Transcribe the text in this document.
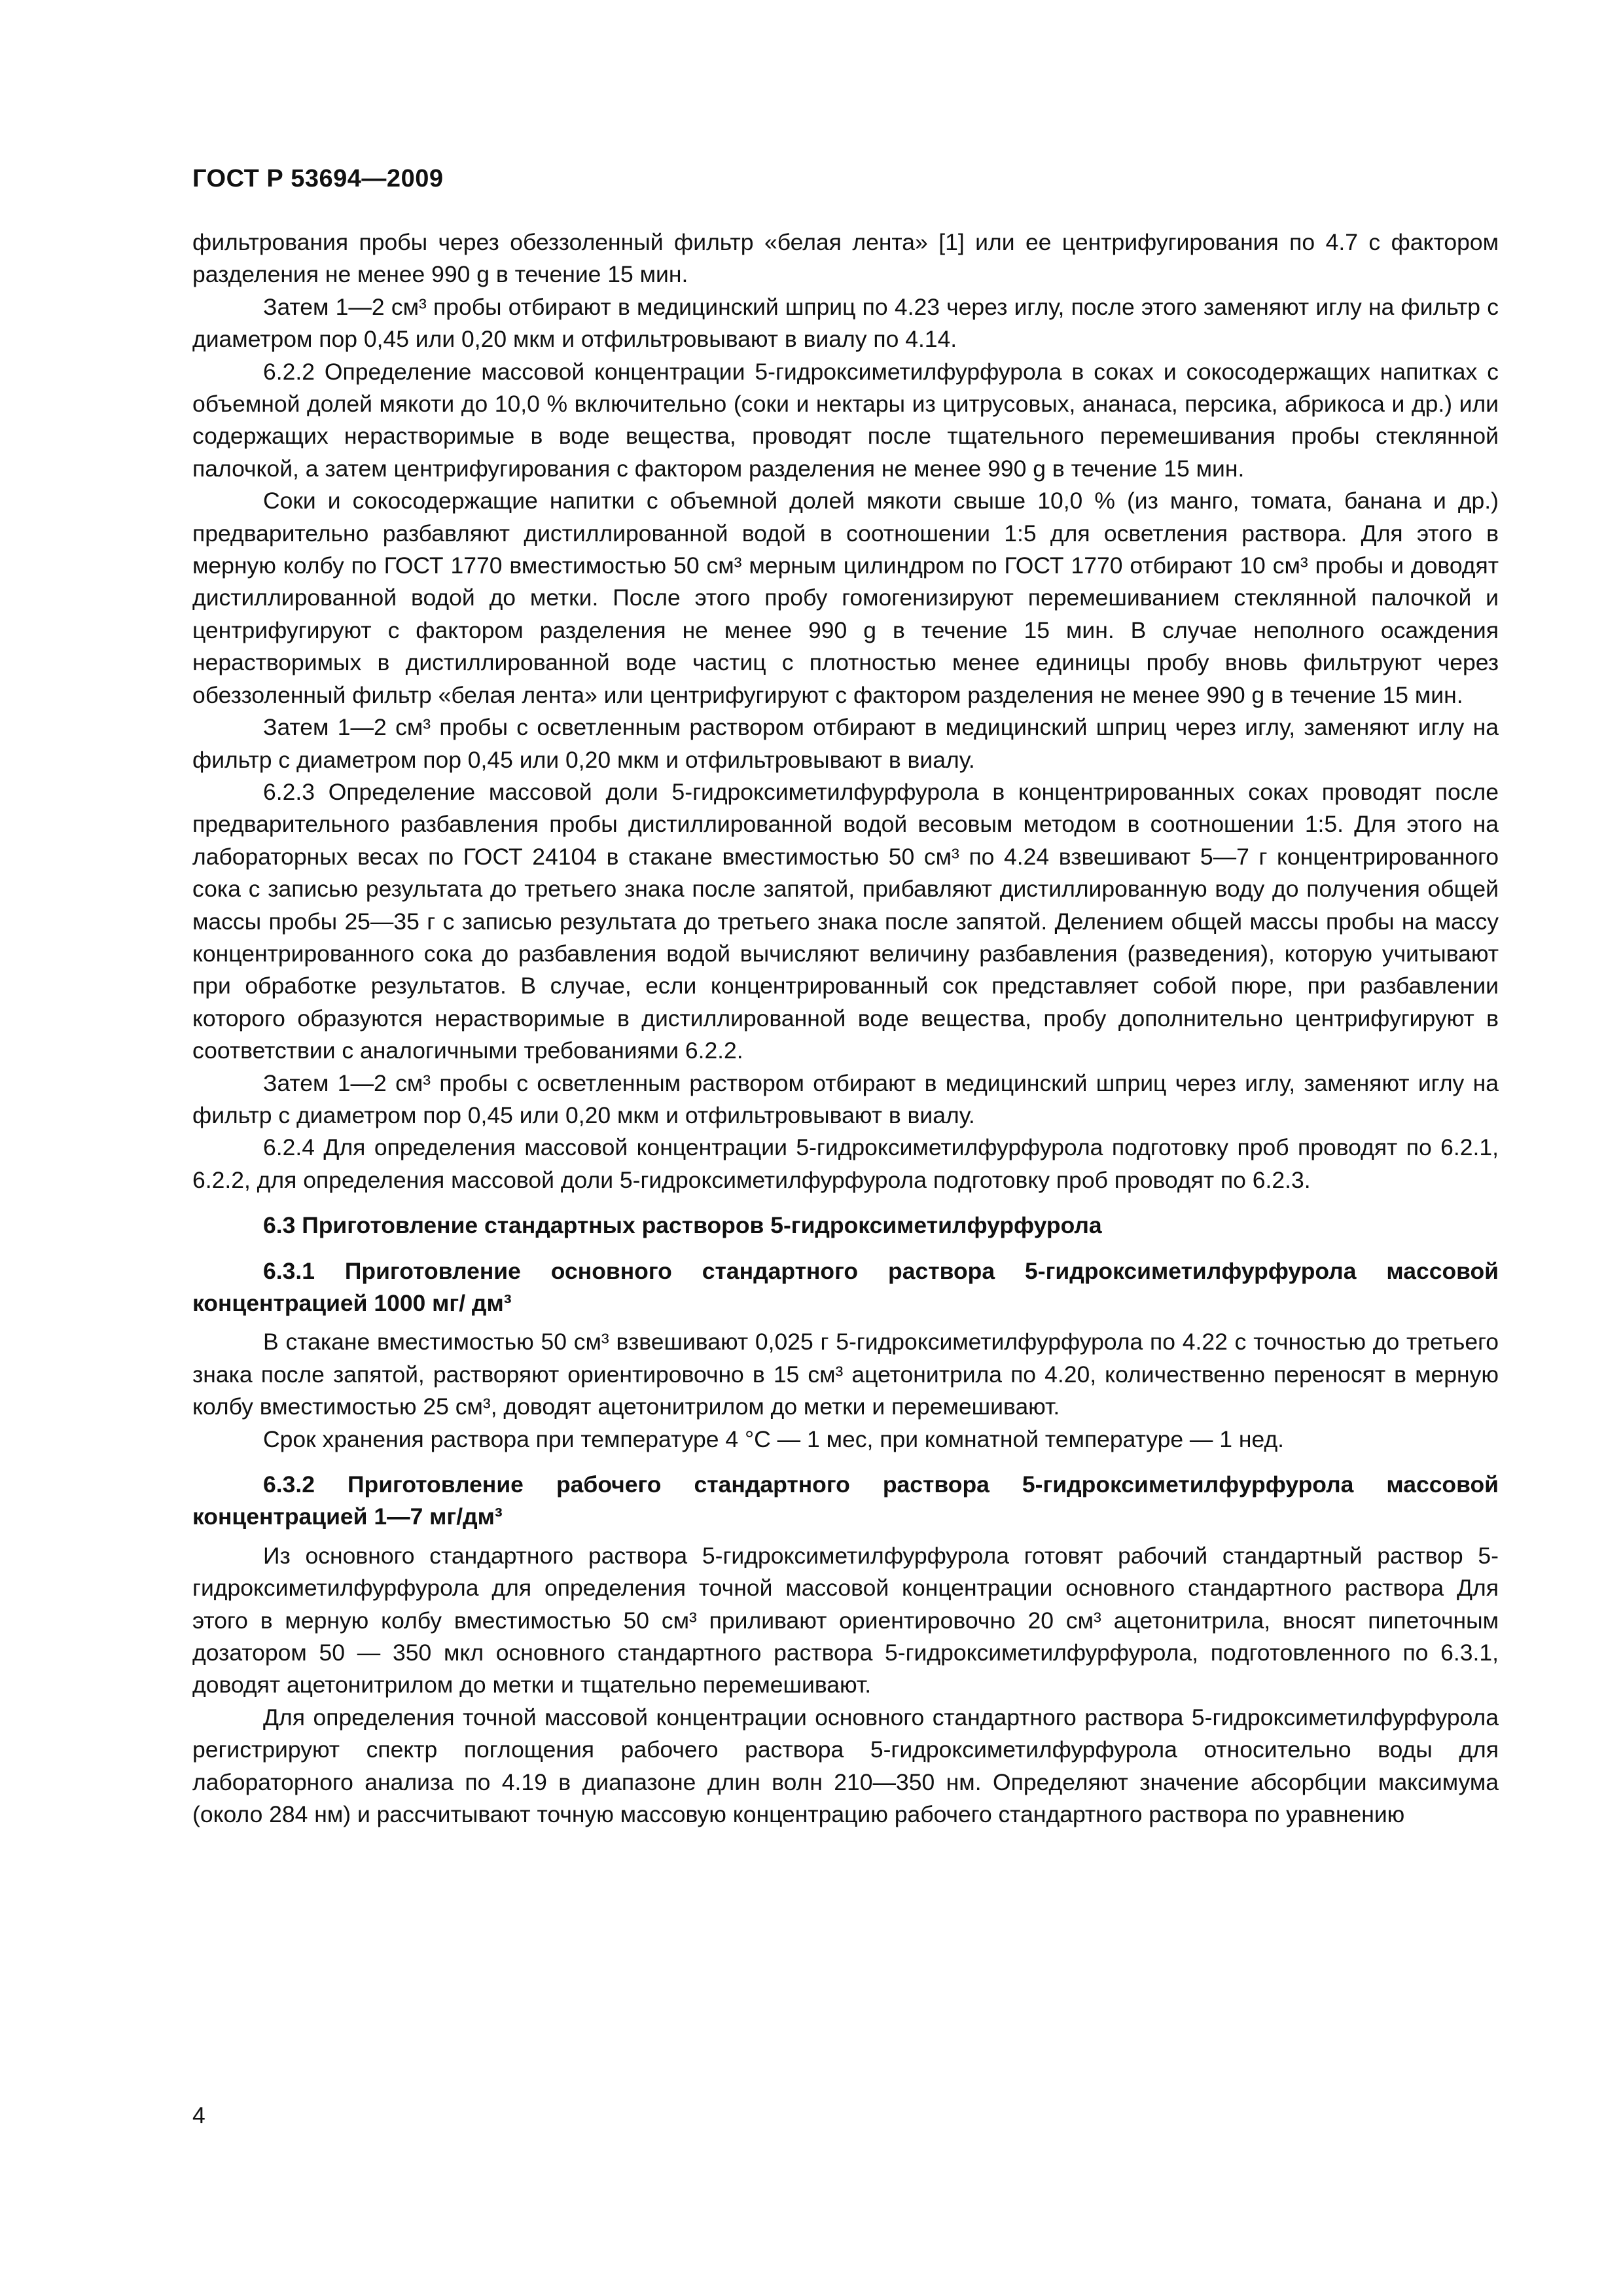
ГОСТ Р 53694—2009

фильтрования пробы через обеззоленный фильтр «белая лента» [1] или ее центрифугирования по 4.7 с фактором разделения не менее 990 g в течение 15 мин.

Затем 1—2 см³ пробы отбирают в медицинский шприц по 4.23 через иглу, после этого заменяют иглу на фильтр с диаметром пор 0,45 или 0,20 мкм и отфильтровывают в виалу по 4.14.

6.2.2 Определение массовой концентрации 5-гидроксиметилфурфурола в соках и сокосодержащих напитках с объемной долей мякоти до 10,0 % включительно (соки и нектары из цитрусовых, ананаса, персика, абрикоса и др.) или содержащих нерастворимые в воде вещества, проводят после тщательного перемешивания пробы стеклянной палочкой, а затем центрифугирования с фактором разделения не менее 990 g в течение 15 мин.

Соки и сокосодержащие напитки с объемной долей мякоти свыше 10,0 % (из манго, томата, банана и др.) предварительно разбавляют дистиллированной водой в соотношении 1:5 для осветления раствора. Для этого в мерную колбу по ГОСТ 1770 вместимостью 50 см³ мерным цилиндром по ГОСТ 1770 отбирают 10 см³ пробы и доводят дистиллированной водой до метки. После этого пробу гомогенизируют перемешиванием стеклянной палочкой и центрифугируют с фактором разделения не менее 990 g в течение 15 мин. В случае неполного осаждения нерастворимых в дистиллированной воде частиц с плотностью менее единицы пробу вновь фильтруют через обеззоленный фильтр «белая лента» или центрифугируют с фактором разделения не менее 990 g в течение 15 мин.

Затем 1—2 см³ пробы с осветленным раствором отбирают в медицинский шприц через иглу, заменяют иглу на фильтр с диаметром пор 0,45 или 0,20 мкм и отфильтровывают в виалу.

6.2.3 Определение массовой доли 5-гидроксиметилфурфурола в концентрированных соках проводят после предварительного разбавления пробы дистиллированной водой весовым методом в соотношении 1:5. Для этого на лабораторных весах по ГОСТ 24104 в стакане вместимостью 50 см³ по 4.24 взвешивают 5—7 г концентрированного сока с записью результата до третьего знака после запятой, прибавляют дистиллированную воду до получения общей массы пробы 25—35 г с записью результата до третьего знака после запятой. Делением общей массы пробы на массу концентрированного сока до разбавления водой вычисляют величину разбавления (разведения), которую учитывают при обработке результатов. В случае, если концентрированный сок представляет собой пюре, при разбавлении которого образуются нерастворимые в дистиллированной воде вещества, пробу дополнительно центрифугируют в соответствии с аналогичными требованиями 6.2.2.

Затем 1—2 см³ пробы с осветленным раствором отбирают в медицинский шприц через иглу, заменяют иглу на фильтр с диаметром пор 0,45 или 0,20 мкм и отфильтровывают в виалу.

6.2.4 Для определения массовой концентрации 5-гидроксиметилфурфурола подготовку проб проводят по 6.2.1, 6.2.2, для определения массовой доли 5-гидроксиметилфурфурола подготовку проб проводят по 6.2.3.

6.3 Приготовление стандартных растворов 5-гидроксиметилфурфурола
6.3.1 Приготовление основного стандартного раствора 5-гидроксиметилфурфурола массовой концентрацией 1000 мг/ дм³

В стакане вместимостью 50 см³ взвешивают 0,025 г 5-гидроксиметилфурфурола по 4.22 с точностью до третьего знака после запятой, растворяют ориентировочно в 15 см³ ацетонитрила по 4.20, количественно переносят в мерную колбу вместимостью 25 см³, доводят ацетонитрилом до метки и перемешивают.

Срок хранения раствора при температуре 4 °С — 1 мес, при комнатной температуре — 1 нед.

6.3.2 Приготовление рабочего стандартного раствора 5-гидроксиметилфурфурола массовой концентрацией 1—7 мг/дм³

Из основного стандартного раствора 5-гидроксиметилфурфурола готовят рабочий стандартный раствор 5-гидроксиметилфурфурола для определения точной массовой концентрации основного стандартного раствора Для этого в мерную колбу вместимостью 50 см³ приливают ориентировочно 20 см³ ацетонитрила, вносят пипеточным дозатором 50 — 350 мкл основного стандартного раствора 5-гидроксиметилфурфурола, подготовленного по 6.3.1, доводят ацетонитрилом до метки и тщательно перемешивают.

Для определения точной массовой концентрации основного стандартного раствора 5-гидроксиметилфурфурола регистрируют спектр поглощения рабочего раствора 5-гидроксиметилфурфурола относительно воды для лабораторного анализа по 4.19 в диапазоне длин волн 210—350 нм. Определяют значение абсорбции максимума (около 284 нм) и рассчитывают точную массовую концентрацию рабочего стандартного раствора по уравнению

4
